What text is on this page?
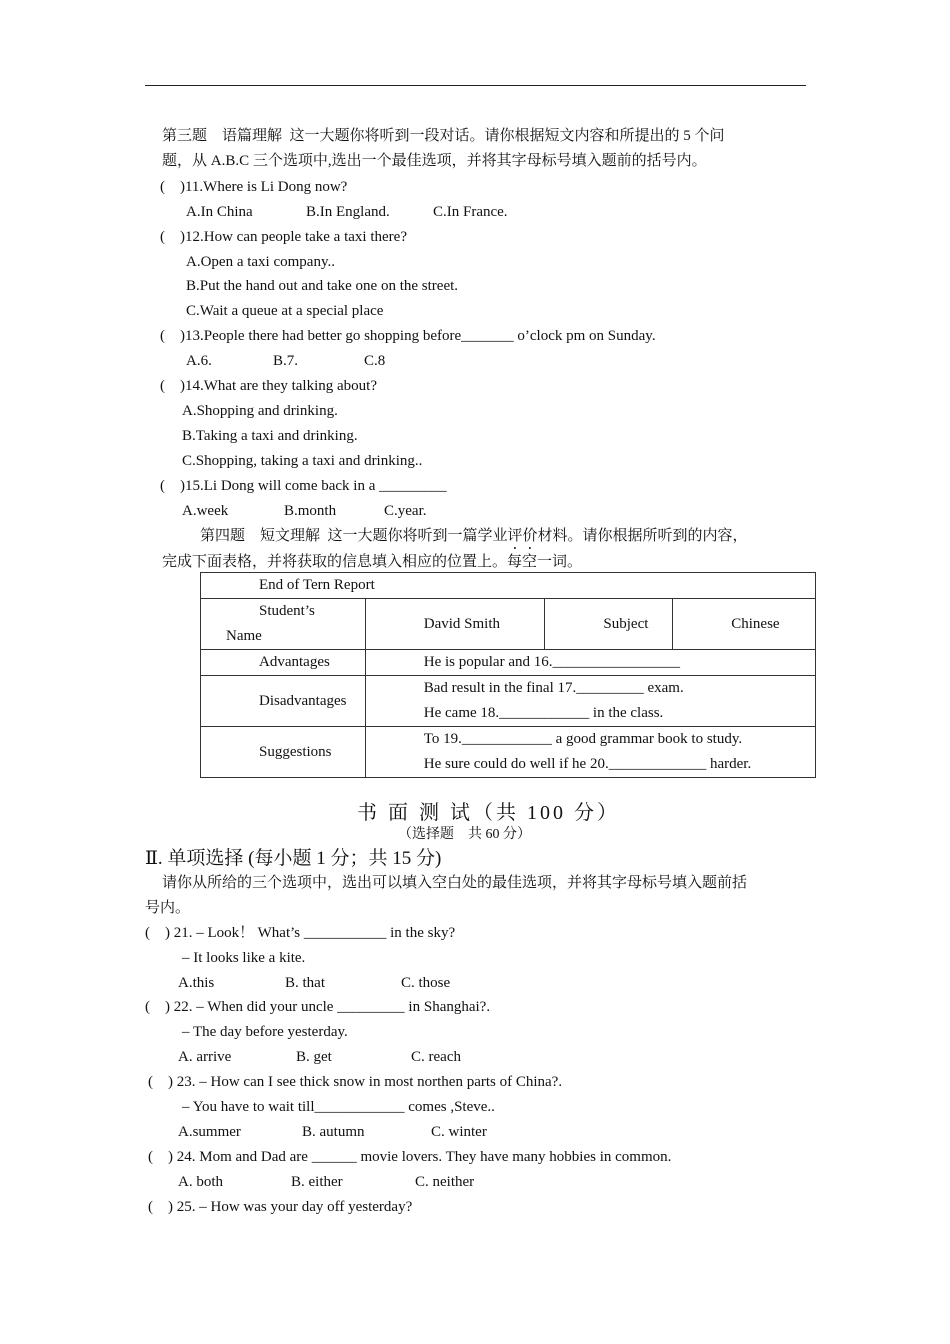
第三题　语篇理解 这一大题你将听到一段对话。请你根据短文内容和所提出的 5 个问
题，从 A.B.C 三个选项中,选出一个最佳选项，并将其字母标号填入题前的括号内。
(    )11.Where is Li Dong now?
A.In China	B.In England.	C.In France.
(    )12.How can people take a taxi there?
A.Open a taxi company..
B.Put the hand out and take one on the street.
C.Wait a queue at a special place
(    )13.People there had better go shopping before_______ o’clock pm on Sunday.
A.6.	B.7.	C.8
(    )14.What are they talking about?
A.Shopping and drinking.
B.Taking a taxi and drinking.
C.Shopping, taking a taxi and drinking..
(    )15.Li Dong will come back in a _________
A.week	B.month	C.year.
第四题　短文理解 这一大题你将听到一篇学业评价材料。请你根据所听到的内容，
完成下面表格，并将获取的信息填入相应的位置上。每空一词。
End of Tern Report			

Student’s
Name	David Smith	Subject	Chinese

Advantages	He is popular and 16._________________		

Disadvantages	Bad result in the final 17._________ exam.
He came 18.____________ in the class.		

Suggestions	To 19.____________ a good grammar book to study.
He sure could do well if he 20._____________ harder.		
书 面 测 试（共 100 分）
（选择题　共 60 分）
Ⅱ. 单项选择 (每小题 1 分；共 15 分)
请你从所给的三个选项中，选出可以填入空白处的最佳选项，并将其字母标号填入题前括
号内。
(    ) 21. – Look！ What’s ___________ in the sky?
– It looks like a kite.
A.this	B. that	C. those
(    ) 22. – When did your uncle _________ in Shanghai?.
– The day before yesterday.
A. arrive	B. get	C. reach
(    ) 23. – How can I see thick snow in most northen parts of China?.
– You have to wait till____________ comes ,Steve..
A.summer	B. autumn	C. winter
(    ) 24. Mom and Dad are ______ movie lovers. They have many hobbies in common.
A. both	B. either	C. neither
(    ) 25. – How was your day off yesterday?
